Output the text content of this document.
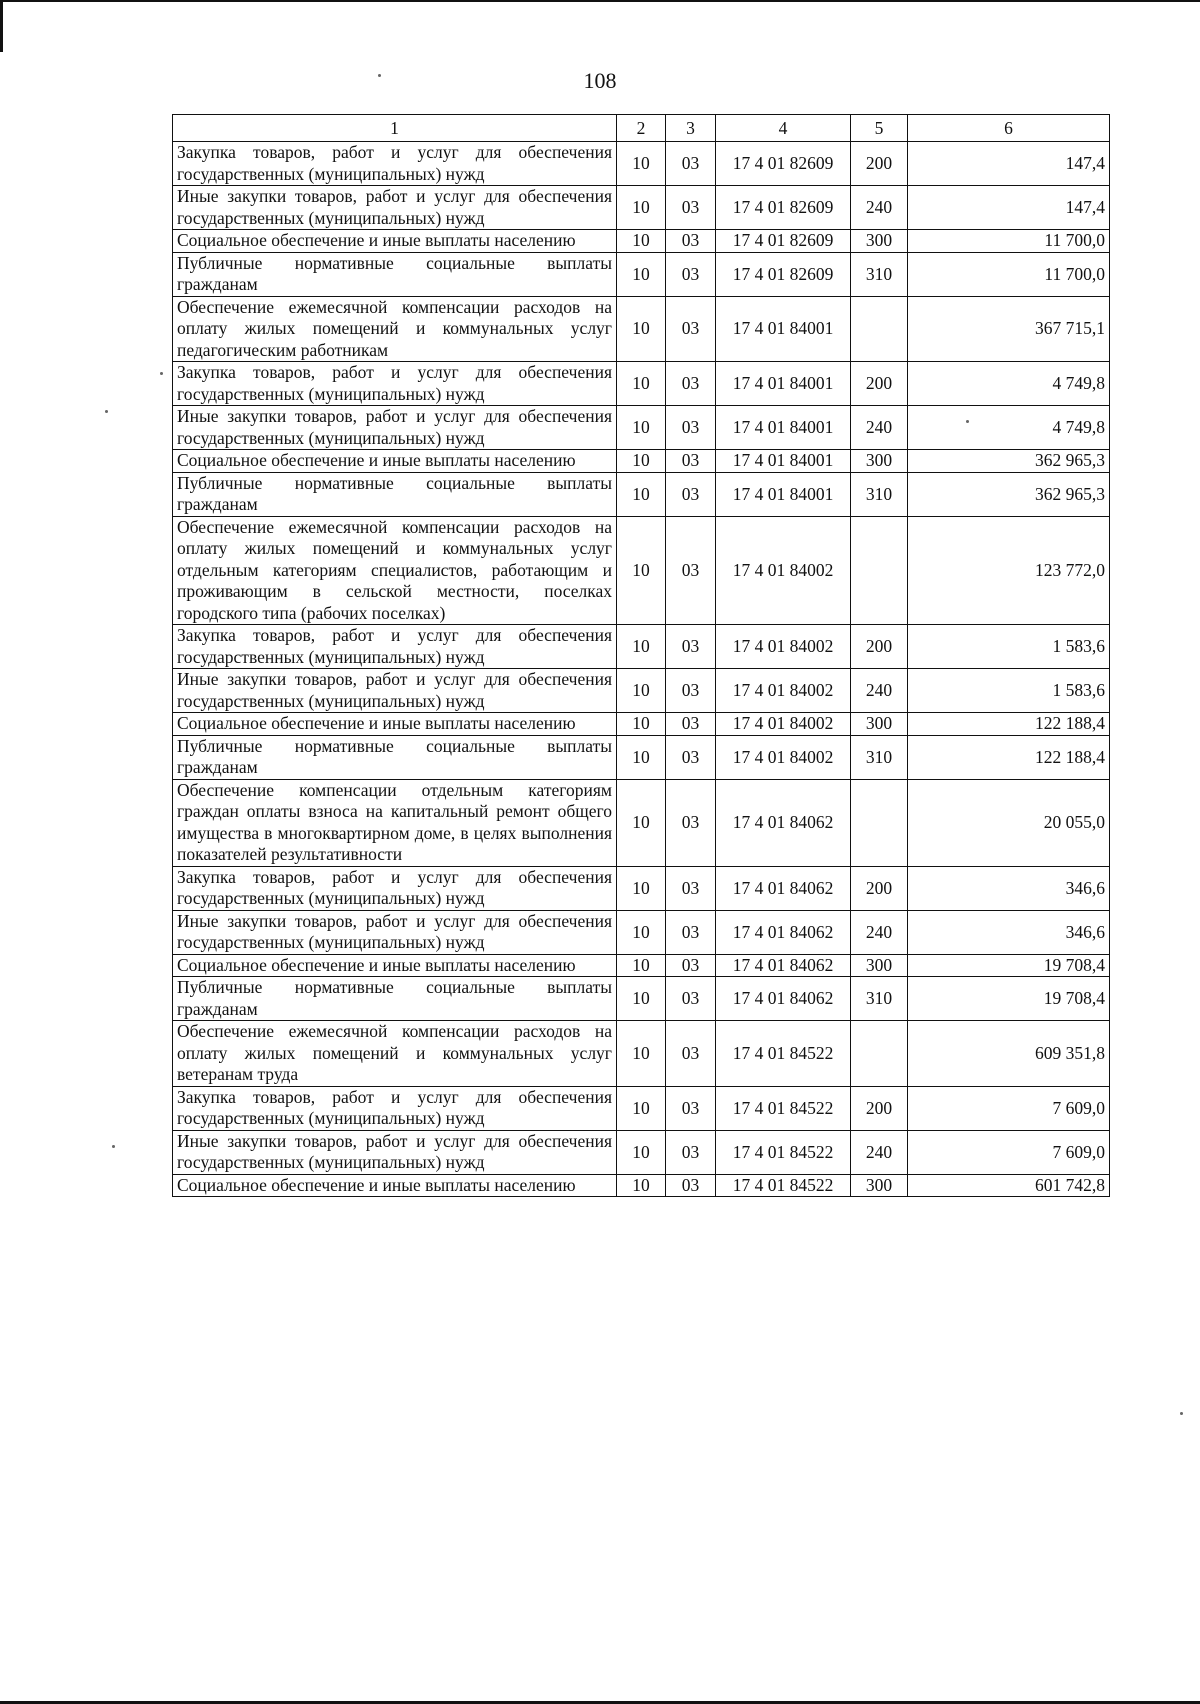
108
1	2	3	4	5	6
Закупка товаров, работ и услуг для обеспечения государственных (муниципальных) нужд	10	03	17 4 01 82609	200	147,4
Иные закупки товаров, работ и услуг для обеспечения государственных (муниципальных) нужд	10	03	17 4 01 82609	240	147,4
Социальное обеспечение и иные выплаты населению	10	03	17 4 01 82609	300	11 700,0
Публичные нормативные социальные выплаты гражданам	10	03	17 4 01 82609	310	11 700,0
Обеспечение ежемесячной компенсации расходов на оплату жилых помещений и коммунальных услуг педагогическим работникам	10	03	17 4 01 84001		367 715,1
Закупка товаров, работ и услуг для обеспечения государственных (муниципальных) нужд	10	03	17 4 01 84001	200	4 749,8
Иные закупки товаров, работ и услуг для обеспечения государственных (муниципальных) нужд	10	03	17 4 01 84001	240	4 749,8
Социальное обеспечение и иные выплаты населению	10	03	17 4 01 84001	300	362 965,3
Публичные нормативные социальные выплаты гражданам	10	03	17 4 01 84001	310	362 965,3
Обеспечение ежемесячной компенсации расходов на оплату жилых помещений и коммунальных услуг отдельным категориям специалистов, работающим и проживающим в сельской местности, поселках городского типа (рабочих поселках)	10	03	17 4 01 84002		123 772,0
Закупка товаров, работ и услуг для обеспечения государственных (муниципальных) нужд	10	03	17 4 01 84002	200	1 583,6
Иные закупки товаров, работ и услуг для обеспечения государственных (муниципальных) нужд	10	03	17 4 01 84002	240	1 583,6
Социальное обеспечение и иные выплаты населению	10	03	17 4 01 84002	300	122 188,4
Публичные нормативные социальные выплаты гражданам	10	03	17 4 01 84002	310	122 188,4
Обеспечение компенсации отдельным категориям граждан оплаты взноса на капитальный ремонт общего имущества в многоквартирном доме, в целях выполнения показателей результативности	10	03	17 4 01 84062		20 055,0
Закупка товаров, работ и услуг для обеспечения государственных (муниципальных) нужд	10	03	17 4 01 84062	200	346,6
Иные закупки товаров, работ и услуг для обеспечения государственных (муниципальных) нужд	10	03	17 4 01 84062	240	346,6
Социальное обеспечение и иные выплаты населению	10	03	17 4 01 84062	300	19 708,4
Публичные нормативные социальные выплаты гражданам	10	03	17 4 01 84062	310	19 708,4
Обеспечение ежемесячной компенсации расходов на оплату жилых помещений и коммунальных услуг ветеранам труда	10	03	17 4 01 84522		609 351,8
Закупка товаров, работ и услуг для обеспечения государственных (муниципальных) нужд	10	03	17 4 01 84522	200	7 609,0
Иные закупки товаров, работ и услуг для обеспечения государственных (муниципальных) нужд	10	03	17 4 01 84522	240	7 609,0
Социальное обеспечение и иные выплаты населению	10	03	17 4 01 84522	300	601 742,8
